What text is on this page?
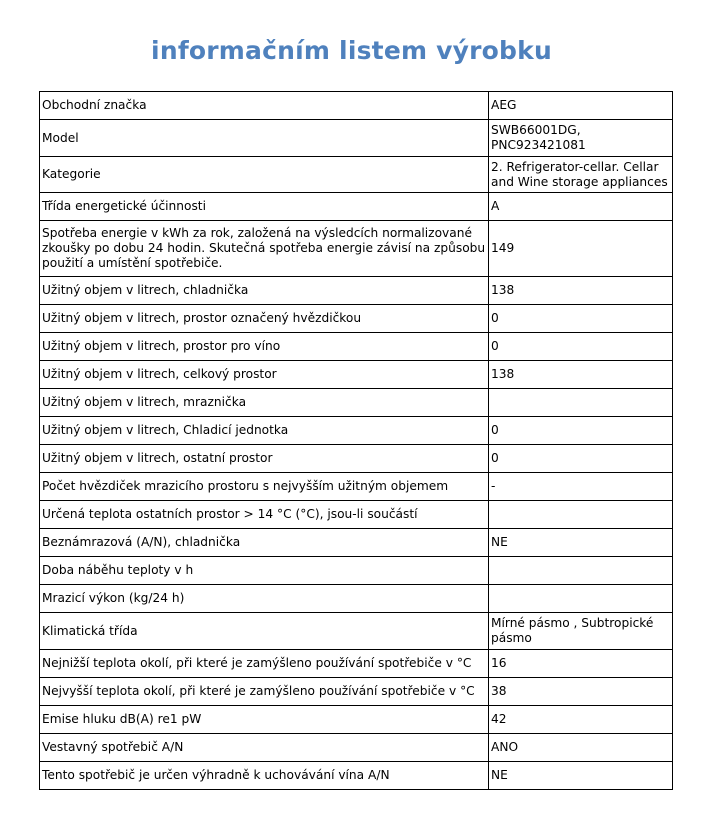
informačním listem výrobku
Obchodní značka	AEG
Model	SWB66001DG, PNC923421081
Kategorie	2. Refrigerator-cellar. Cellar and Wine storage appliances
Třída energetické účinnosti	A
Spotřeba energie v kWh za rok, založená na výsledcích normalizované zkoušky po dobu 24 hodin. Skutečná spotřeba energie závisí na způsobu použití a umístění spotřebiče.	149
Užitný objem v litrech, chladnička	138
Užitný objem v litrech, prostor označený hvězdičkou	0
Užitný objem v litrech, prostor pro víno	0
Užitný objem v litrech, celkový prostor	138
Užitný objem v litrech, mraznička	
Užitný objem v litrech, Chladicí jednotka	0
Užitný objem v litrech, ostatní prostor	0
Počet hvězdiček mrazicího prostoru s nejvyšším užitným objemem	-
Určená teplota ostatních prostor > 14 °C (°C), jsou-li součástí	
Beznámrazová (A/N), chladnička	NE
Doba náběhu teploty v h	
Mrazicí výkon (kg/24 h)	
Klimatická třída	Mírné pásmo , Subtropické pásmo
Nejnižší teplota okolí, při které je zamýšleno používání spotřebiče v °C	16
Nejvyšší teplota okolí, při které je zamýšleno používání spotřebiče v °C	38
Emise hluku dB(A) re1 pW	42
Vestavný spotřebič A/N	ANO
Tento spotřebič je určen výhradně k uchovávání vína A/N	NE
